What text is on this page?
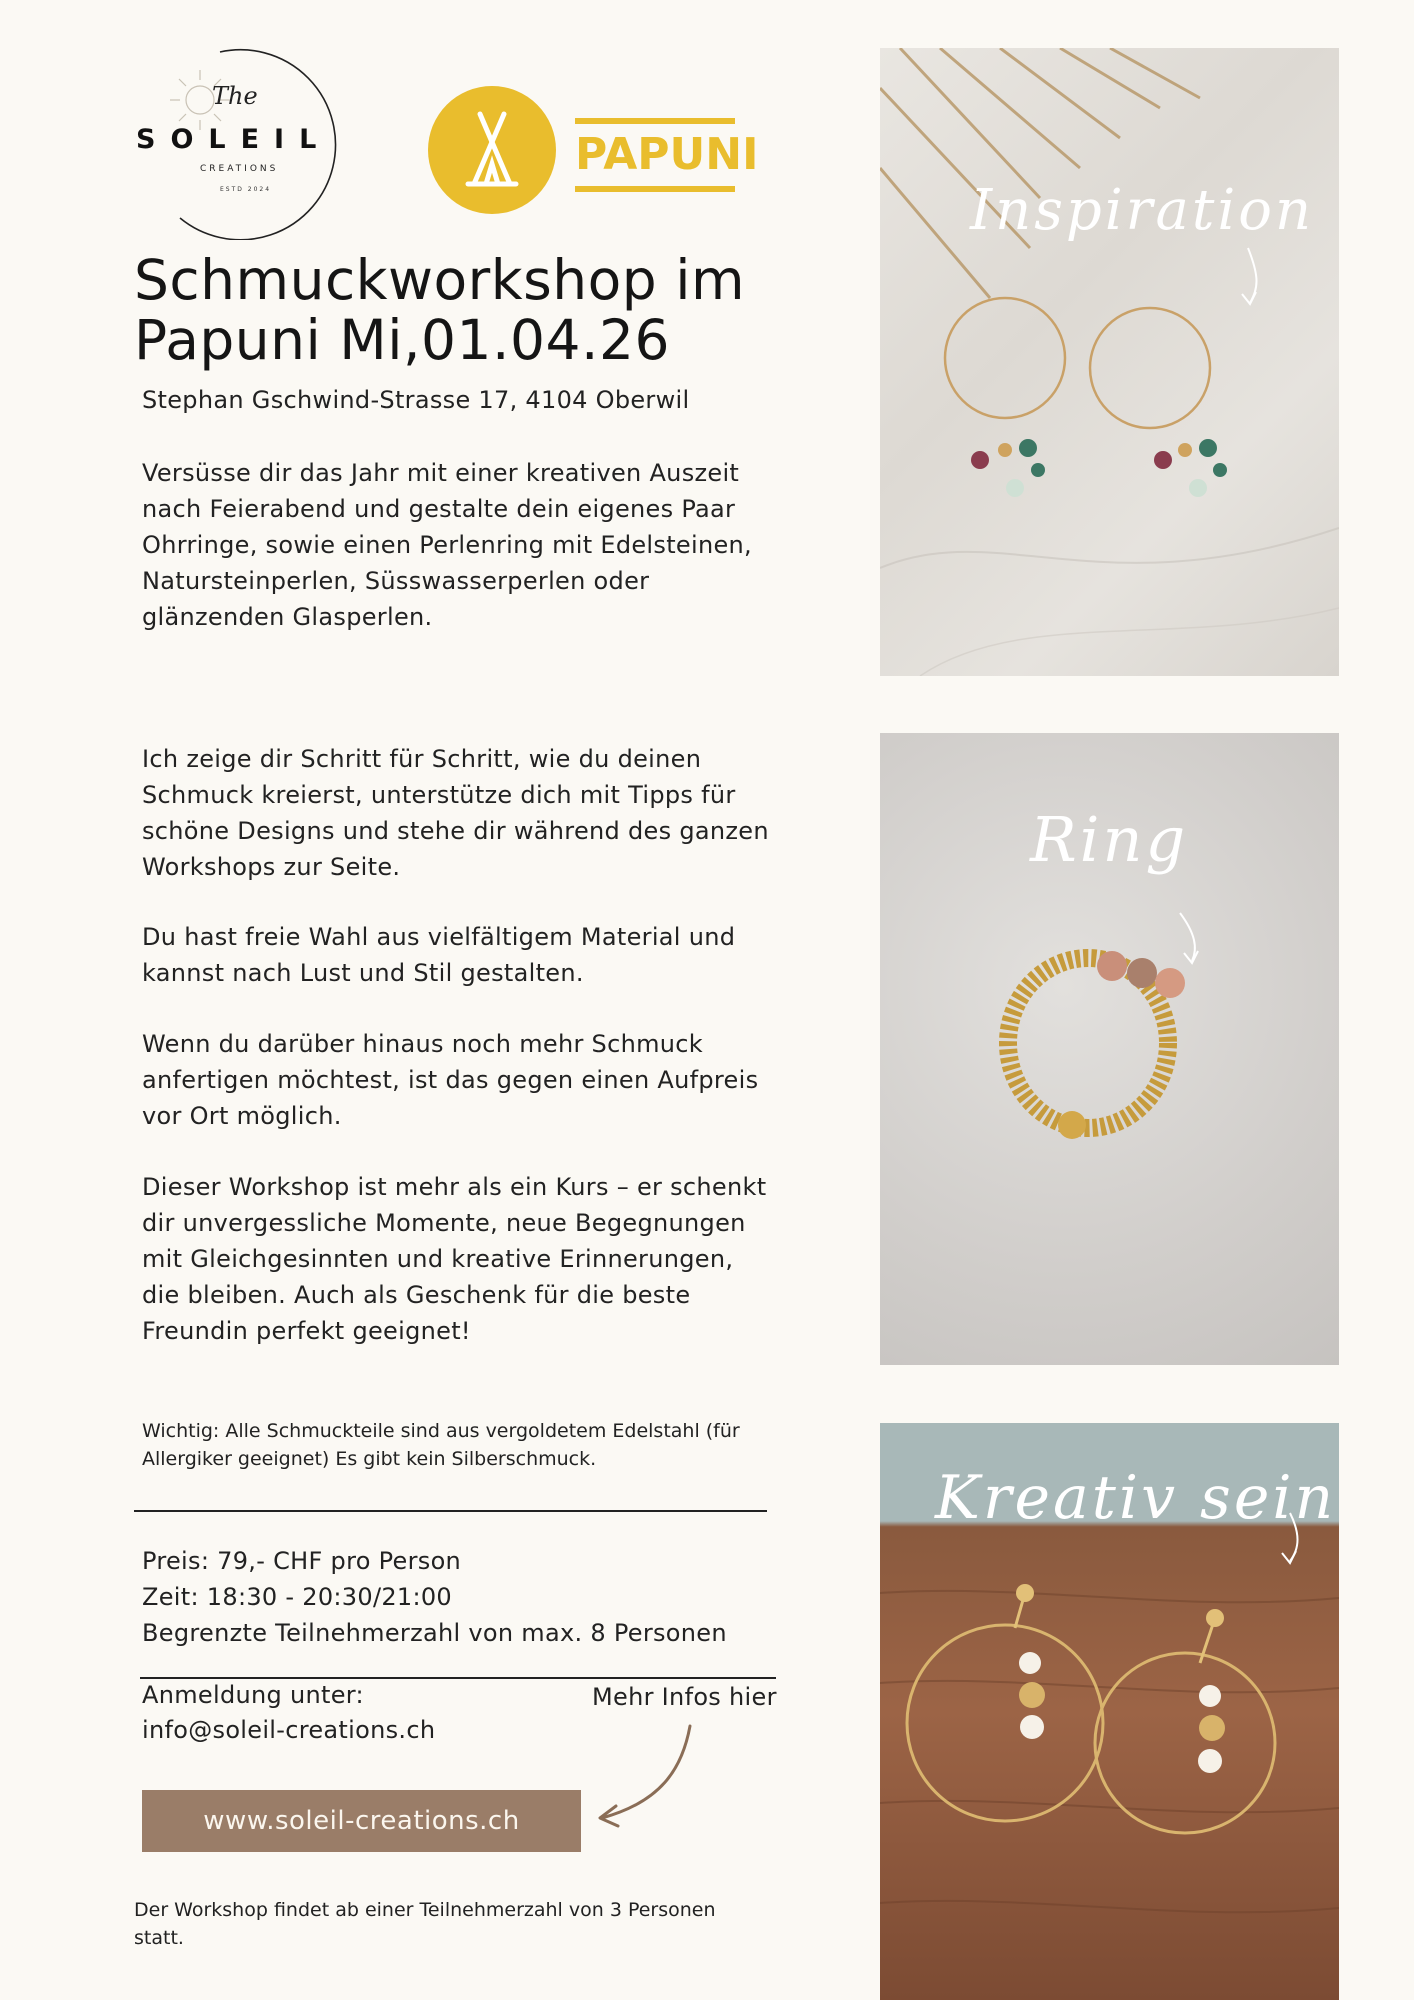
The
SOLEIL
CREATIONS
ESTD 2024
PAPUNI
Schmuckworkshop im
Papuni Mi,01.04.26
Stephan Gschwind-Strasse 17, 4104 Oberwil
Versüsse dir das Jahr mit einer kreativen Auszeit nach Feierabend und gestalte dein eigenes Paar Ohrringe, sowie einen Perlenring mit Edelsteinen, Natursteinperlen, Süsswasserperlen oder glänzenden Glasperlen.
Ich zeige dir Schritt für Schritt, wie du deinen Schmuck kreierst, unterstütze dich mit Tipps für schöne Designs und stehe dir während des ganzen Workshops zur Seite.
Du hast freie Wahl aus vielfältigem Material und kannst nach Lust und Stil gestalten.
Wenn du darüber hinaus noch mehr Schmuck anfertigen möchtest, ist das gegen einen Aufpreis vor Ort möglich.
Dieser Workshop ist mehr als ein Kurs – er schenkt dir unvergessliche Momente, neue Begegnungen mit Gleichgesinnten und kreative Erinnerungen, die bleiben. Auch als Geschenk für die beste Freundin perfekt geeignet!
Wichtig: Alle Schmuckteile sind aus vergoldetem Edelstahl (für Allergiker geeignet) Es gibt kein Silberschmuck.
Preis: 79,- CHF pro Person
Zeit: 18:30 - 20:30/21:00
Begrenzte Teilnehmerzahl von max. 8 Personen
Anmeldung unter:
info@soleil-creations.ch
Mehr Infos hier
www.soleil-creations.ch
Der Workshop findet ab einer Teilnehmerzahl von 3 Personen statt.
Inspiration
Ring
Kreativ sein
